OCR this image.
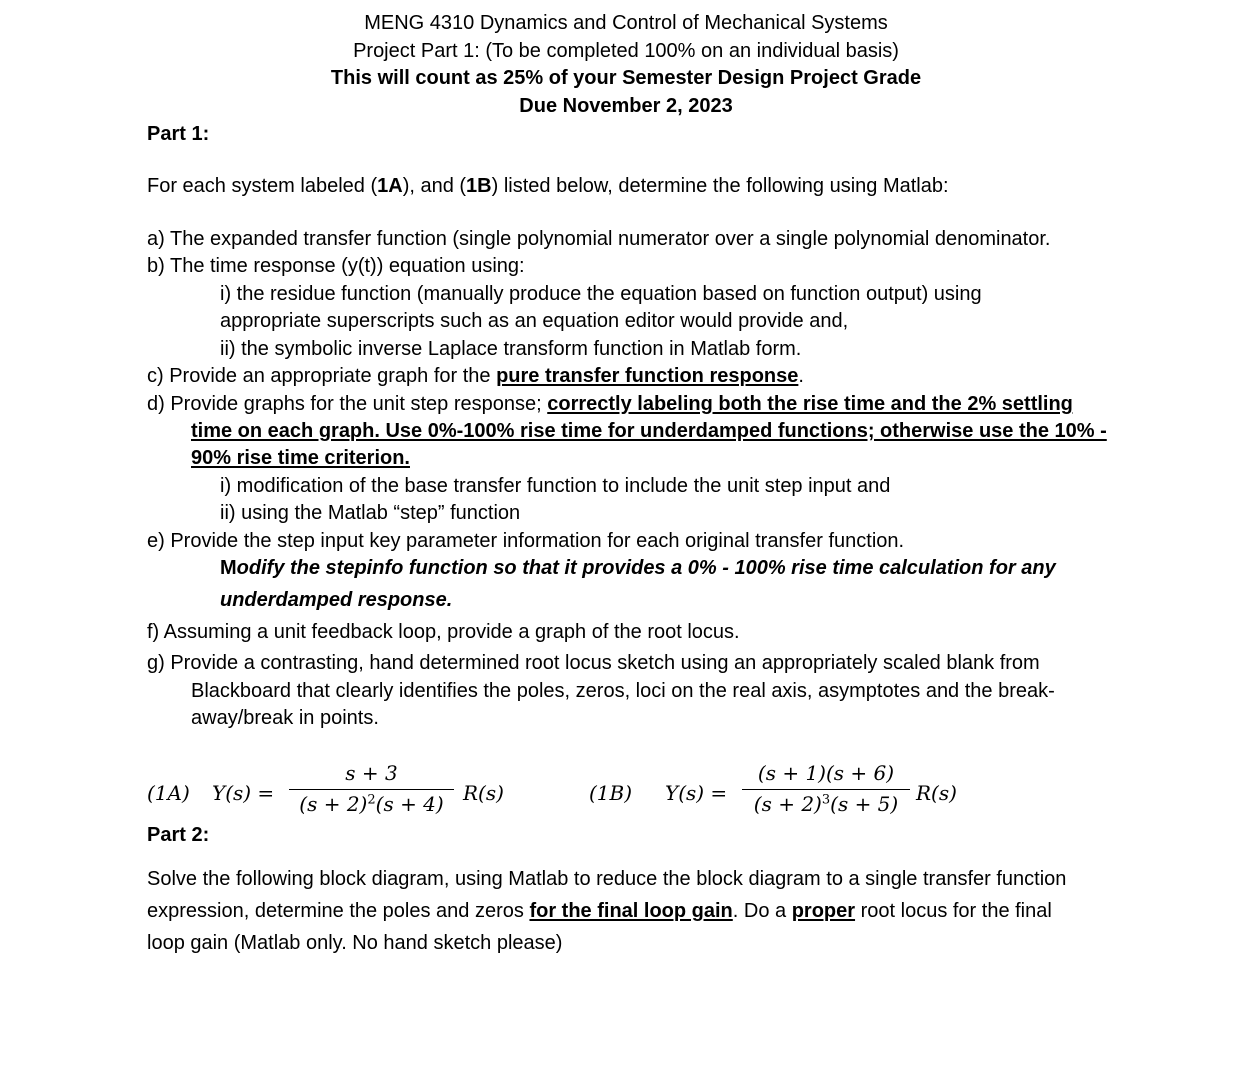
MENG 4310 Dynamics and Control of Mechanical Systems
Project Part 1: (To be completed 100% on an individual basis)
This will count as 25% of your Semester Design Project Grade
Due November 2, 2023
Part 1:
For each system labeled (1A), and (1B) listed below, determine the following using Matlab:
a) The expanded transfer function (single polynomial numerator over a single polynomial denominator.
b) The time response (y(t)) equation using:
i) the residue function (manually produce the equation based on function output) using
appropriate superscripts such as an equation editor would provide and,
ii) the symbolic inverse Laplace transform function in Matlab form.
c) Provide an appropriate graph for the pure transfer function response.
d) Provide graphs for the unit step response; correctly labeling both the rise time and the 2% settling
time on each graph. Use 0%-100% rise time for underdamped functions; otherwise use the 10% -
90% rise time criterion.
i) modification of the base transfer function to include the unit step input and
ii) using the Matlab “step” function
e) Provide the step input key parameter information for each original transfer function.
Modify the stepinfo function so that it provides a 0% - 100% rise time calculation for any
underdamped response.
f) Assuming a unit feedback loop, provide a graph of the root locus.
g) Provide a contrasting, hand determined root locus sketch using an appropriately scaled blank from
Blackboard that clearly identifies the poles, zeros, loci on the real axis, asymptotes and the break-
away/break in points.
(1A) Y(s) =
s + 3
$(s + 2)^2(s + 4)$ R(s)	(1B) Y(s) =
(s + 1)(s + 6)
$(s + 2)^3(s + 5)$ R(s)
Part 2:
Solve the following block diagram, using Matlab to reduce the block diagram to a single transfer function
expression, determine the poles and zeros for the final loop gain. Do a proper root locus for the final
loop gain (Matlab only. No hand sketch please)
